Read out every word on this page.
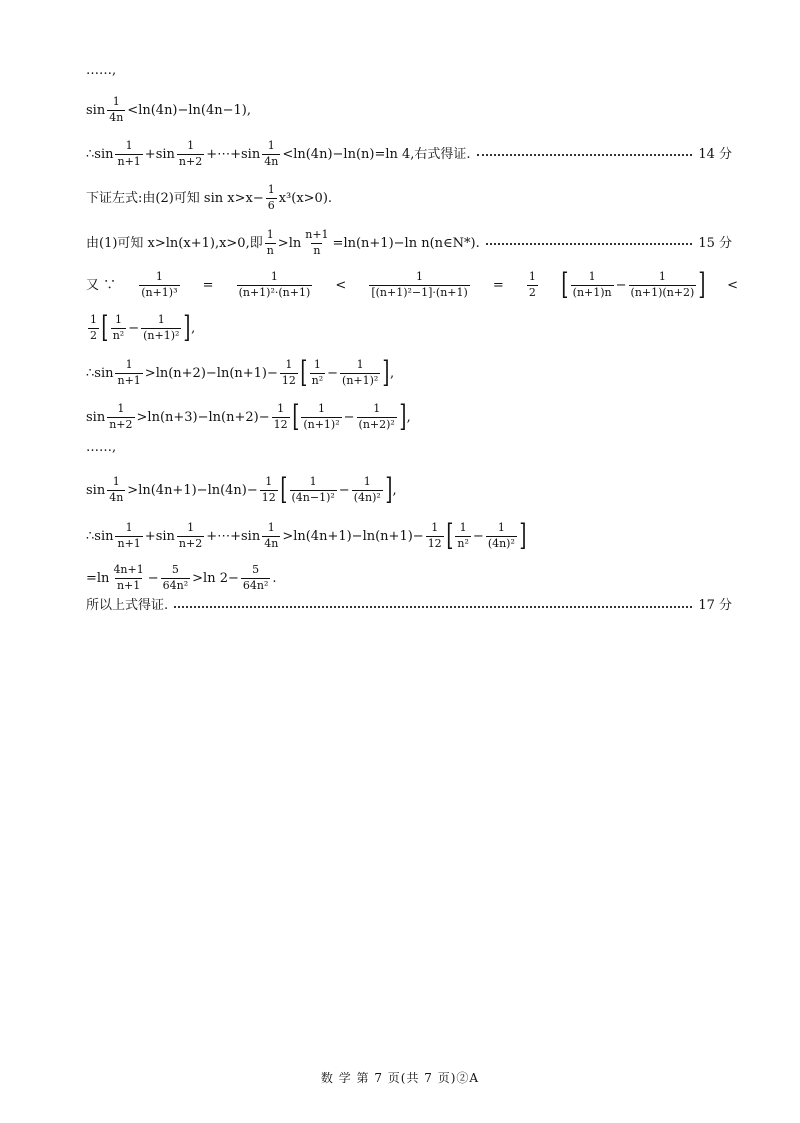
……,
$\sin \frac{1}{4n} <\ln(4n)-\ln(4n-1)$,
∴sin $\frac{1}{n+1} +\sin \frac{1}{n+2}$ +⋯+sin $\frac{1}{4n} <\ln(4n)-\ln(n)=\ln$ 4,右式得证.	14 分
下证左式:由(2)可知 $\sin x>x- \frac{1}{6} x^3(x>0)$.
由(1)可知 x>ln(x+1),x>0,即 $\frac{1}{n} >\ln \frac{n+1}{n} =\ln(n+1)-\ln$ n(n∈N*).	15 分
又 ∵ $\frac{1}{\text{(n+1)³}} = \frac{1}{\text{(n+1)²·(n+1)}} < \frac{1}{\text{[(n+1)²−1]·(n+1)}} = \frac{1}{2}$ [ $\frac{1}{(n+1)n} - \frac{1}{(n+1)(n+2)}$ ] <
$\frac{1}{2}$ [ $\frac{1}{\text{n²}} - \frac{1}{\text{(n+1)²}}$ ] ,
∴sin $\frac{1}{n+1} >\ln(n+2)-\ln(n+1)- \frac{1}{12}$ [ $\frac{1}{\text{n²}} - \frac{1}{\text{(n+1)²}}$ ] ,
$\sin \frac{1}{n+2} >\ln(n+3)-\ln(n+2)- \frac{1}{12}$ [ $\frac{1}{\text{(n+1)²}} - \frac{1}{\text{(n+2)²}}$ ] ,
……,
$\sin \frac{1}{4n} >\ln(4n+1)-\ln(4n)- \frac{1}{12}$ [ $\frac{1}{\text{(4n−1)²}} - \frac{1}{\text{(4n)²}}$ ] ,
∴sin $\frac{1}{n+1} +\sin \frac{1}{n+2}$ +⋯+sin $\frac{1}{4n} >\ln(4n+1)-\ln(n+1)- \frac{1}{12}$ [ $\frac{1}{\text{n²}} - \frac{1}{\text{(4n)²}}$ ]
$=\ln \frac{4n+1}{n+1} - \frac{5}{\text{64n²}} >\ln$ $2- \frac{5}{\text{64n²}}$ .
所以上式得证.	17 分
数 学 第 7 页(共 7 页)②A
